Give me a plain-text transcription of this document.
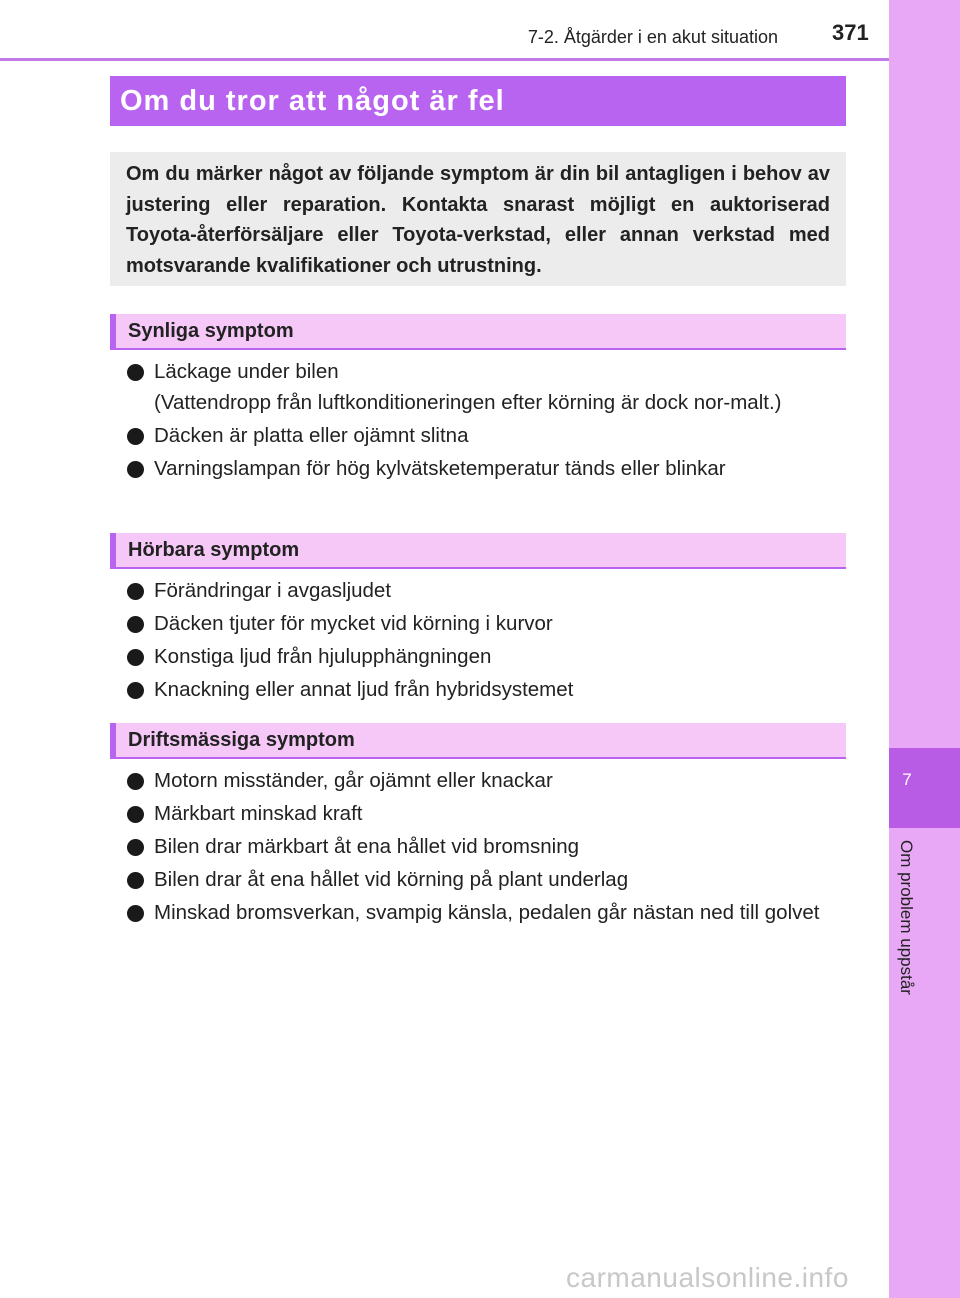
7
Om problem uppstår
7-2. Åtgärder i en akut situation 371
Om du tror att något är fel

Om du märker något av följande symptom är din bil antagligen i behov av justering eller reparation. Kontakta snarast möjligt en auktoriserad Toyota-återförsäljare eller Toyota-verkstad, eller annan verkstad med motsvarande kvalifikationer och utrustning.

Synliga symptom
Läckage under bilen
(Vattendropp från luftkonditioneringen efter körning är dock nor-malt.)
Däcken är platta eller ojämnt slitna
Varningslampan för hög kylvätsketemperatur tänds eller blinkar
Hörbara symptom
Förändringar i avgasljudet
Däcken tjuter för mycket vid körning i kurvor
Konstiga ljud från hjulupphängningen
Knackning eller annat ljud från hybridsystemet
Driftsmässiga symptom
Motorn misständer, går ojämnt eller knackar
Märkbart minskad kraft
Bilen drar märkbart åt ena hållet vid bromsning
Bilen drar åt ena hållet vid körning på plant underlag
Minskad bromsverkan, svampig känsla, pedalen går nästan ned till golvet
carmanualsonline.info
